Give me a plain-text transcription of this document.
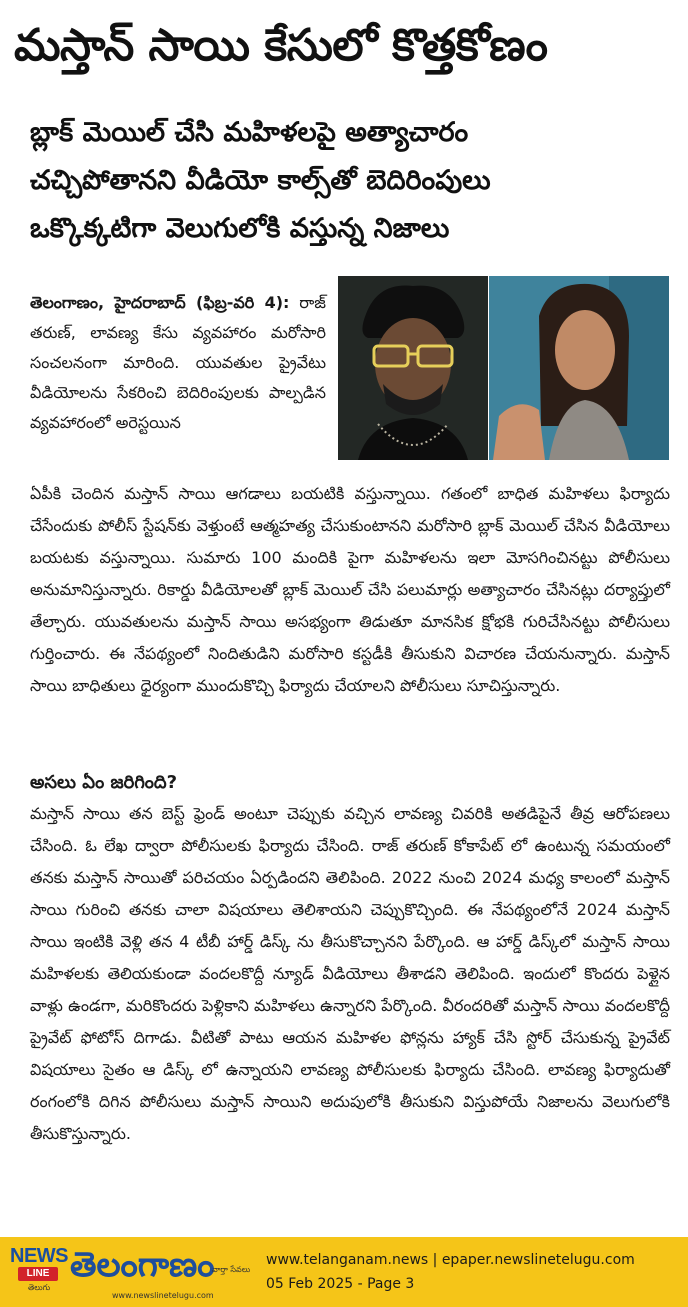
మస్తాన్ సాయి కేసులో కొత్తకోణం
బ్లాక్ మెయిల్ చేసి మహిళలపై అత్యాచారం
చచ్చిపోతానని వీడియో కాల్స్‌తో బెదిరింపులు
ఒక్కొక్కటిగా వెలుగులోకి వస్తున్న నిజాలు
తెలంగాణం, హైదరాబాద్ (ఫిబ్ర-వరి 4): రాజ్ తరుణ్, లావణ్య కేసు వ్యవహారం మరోసారి సంచలనంగా మారింది. యువతుల ప్రైవేటు వీడియోలను సేకరించి బెదిరింపులకు పాల్పడిన వ్యవహారంలో అరెస్టయిన
ఏపీకి చెందిన మస్తాన్ సాయి ఆగడాలు బయటికి వస్తున్నాయి. గతంలో బాధిత మహిళలు ఫిర్యాదు చేసేందుకు పోలీస్ స్టేషన్‌కు వెళ్తుంటే ఆత్మహత్య చేసుకుంటానని మరోసారి బ్లాక్ మెయిల్ చేసిన వీడియోలు బయటకు వస్తున్నాయి. సుమారు 100 మందికి పైగా మహిళలను ఇలా మోసగించినట్టు పోలీసులు అనుమానిస్తున్నారు. రికార్డు వీడియోలతో బ్లాక్ మెయిల్ చేసి పలుమార్లు అత్యాచారం చేసినట్లు దర్యాప్తులో తేల్చారు. యువతులను మస్తాన్ సాయి అసభ్యంగా తిడుతూ మానసిక క్షోభకి గురిచేసినట్టు పోలీసులు గుర్తించారు. ఈ నేపథ్యంలో నిందితుడిని మరోసారి కస్టడీకి తీసుకుని విచారణ చేయనున్నారు. మస్తాన్ సాయి బాధితులు ధైర్యంగా ముందుకొచ్చి ఫిర్యాదు చేయాలని పోలీసులు సూచిస్తున్నారు.
అసలు ఏం జరిగింది?
మస్తాన్ సాయి తన బెస్ట్ ఫ్రెండ్ అంటూ చెప్పుకు వచ్చిన లావణ్య చివరికి అతడిపైనే తీవ్ర ఆరోపణలు చేసింది. ఓ లేఖ ద్వారా పోలీసులకు ఫిర్యాదు చేసింది. రాజ్ తరుణ్ కోకాపేట్ లో ఉంటున్న సమయంలో తనకు మస్తాన్ సాయితో పరిచయం ఏర్పడిందని తెలిపింది. 2022 నుంచి 2024 మధ్య కాలంలో మస్తాన్ సాయి గురించి తనకు చాలా విషయాలు తెలిశాయని చెప్పుకొచ్చింది. ఈ నేపథ్యంలోనే 2024 మస్తాన్ సాయి ఇంటికి వెళ్లి తన 4 టీబీ హార్డ్ డిస్క్ ను తీసుకొచ్చానని పేర్కొంది. ఆ హార్డ్ డిస్క్‌లో మస్తాన్ సాయి మహిళలకు తెలియకుండా వందలకొద్దీ న్యూడ్ వీడియోలు తీశాడని తెలిపింది. ఇందులో కొందరు పెళ్లైన వాళ్లు ఉండగా, మరికొందరు పెళ్లికాని మహిళలు ఉన్నారని పేర్కొంది. వీరందరితో మస్తాన్ సాయి వందలకొద్దీ ప్రైవేట్ ఫోటోస్ దిగాడు. వీటితో పాటు ఆయన మహిళల ఫోన్లను హ్యాక్ చేసి స్టోర్ చేసుకున్న ప్రైవేట్ విషయాలు సైతం ఆ డిస్క్ లో ఉన్నాయని లావణ్య పోలీసులకు ఫిర్యాదు చేసింది. లావణ్య ఫిర్యాదుతో రంగంలోకి దిగిన పోలీసులు మస్తాన్ సాయిని అదుపులోకి తీసుకుని విస్తుపోయే నిజాలను వెలుగులోకి తీసుకొస్తున్నారు.
NEWS
LINE
తెలుగు
తెలంగాణం
వార్తా సేవలు
www.newslinetelugu.com
www.telanganam.news | epaper.newslinetelugu.com
05 Feb 2025 - Page 3
